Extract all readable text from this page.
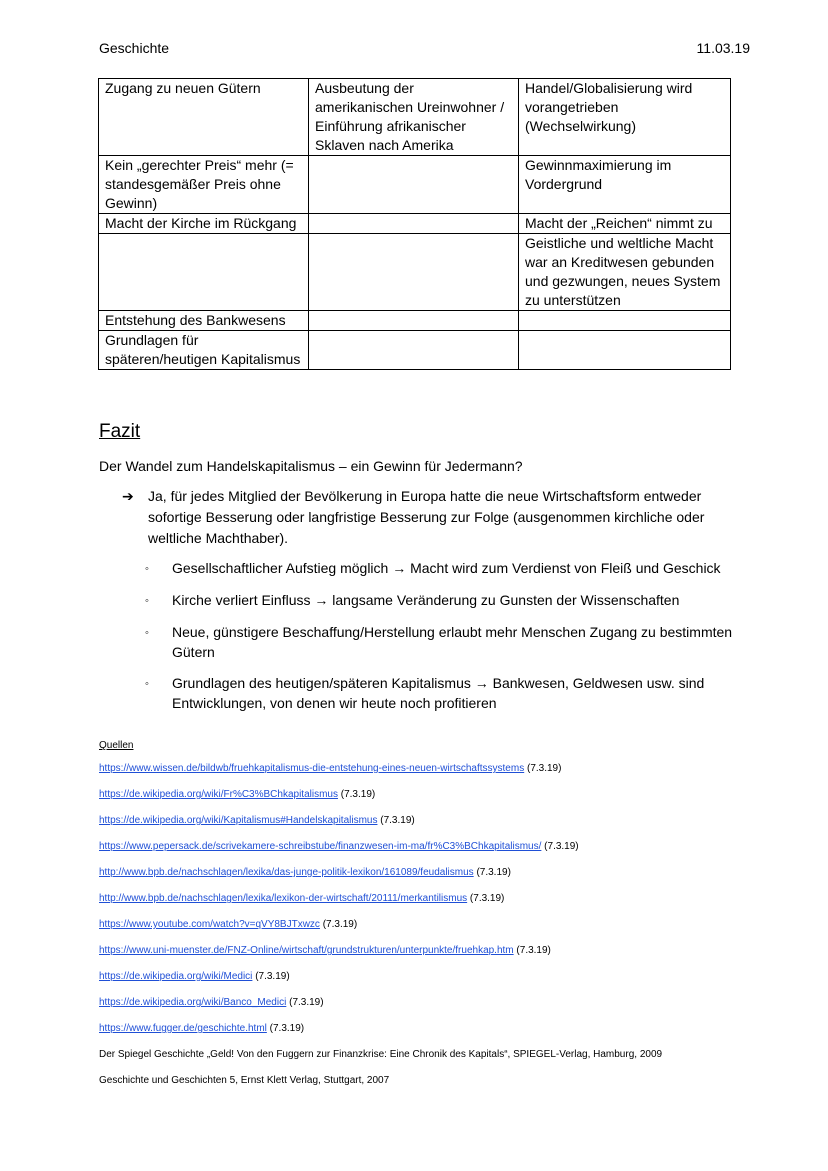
Geschichte	11.03.19
Zugang zu neuen Gütern	Ausbeutung der amerikanischen Ureinwohner / Einführung afrikanischer Sklaven nach Amerika	Handel/Globalisierung wird vorangetrieben (Wechselwirkung)
Kein „gerechter Preis“ mehr (= standesgemäßer Preis ohne Gewinn)		Gewinnmaximierung im Vordergrund
Macht der Kirche im Rückgang		Macht der „Reichen“ nimmt zu
		Geistliche und weltliche Macht war an Kreditwesen gebunden und gezwungen, neues System zu unterstützen
Entstehung des Bankwesens		
Grundlagen für späteren/heutigen Kapitalismus		
Fazit
Der Wandel zum Handelskapitalismus – ein Gewinn für Jedermann?
➔	Ja, für jedes Mitglied der Bevölkerung in Europa hatte die neue Wirtschaftsform entweder sofortige Besserung oder langfristige Besserung zur Folge (ausgenommen kirchliche oder weltliche Machthaber).
◦	Gesellschaftlicher Aufstieg möglich → Macht wird zum Verdienst von Fleiß und Geschick
◦	Kirche verliert Einfluss → langsame Veränderung zu Gunsten der Wissenschaften
◦	Neue, günstigere Beschaffung/Herstellung erlaubt mehr Menschen Zugang zu bestimmten Gütern
◦	Grundlagen des heutigen/späteren Kapitalismus → Bankwesen, Geldwesen usw. sind Entwicklungen, von denen wir heute noch profitieren
Quellen
https://www.wissen.de/bildwb/fruehkapitalismus-die-entstehung-eines-neuen-wirtschaftssystems (7.3.19)
https://de.wikipedia.org/wiki/Fr%C3%BChkapitalismus (7.3.19)
https://de.wikipedia.org/wiki/Kapitalismus#Handelskapitalismus (7.3.19)
https://www.pepersack.de/scrivekamere-schreibstube/finanzwesen-im-ma/fr%C3%BChkapitalismus/ (7.3.19)
http://www.bpb.de/nachschlagen/lexika/das-junge-politik-lexikon/161089/feudalismus (7.3.19)
http://www.bpb.de/nachschlagen/lexika/lexikon-der-wirtschaft/20111/merkantilismus (7.3.19)
https://www.youtube.com/watch?v=qVY8BJTxwzc (7.3.19)
https://www.uni-muenster.de/FNZ-Online/wirtschaft/grundstrukturen/unterpunkte/fruehkap.htm (7.3.19)
https://de.wikipedia.org/wiki/Medici (7.3.19)
https://de.wikipedia.org/wiki/Banco_Medici (7.3.19)
https://www.fugger.de/geschichte.html (7.3.19)
Der Spiegel Geschichte „Geld! Von den Fuggern zur Finanzkrise: Eine Chronik des Kapitals“, SPIEGEL-Verlag, Hamburg, 2009
Geschichte und Geschichten 5, Ernst Klett Verlag, Stuttgart, 2007
